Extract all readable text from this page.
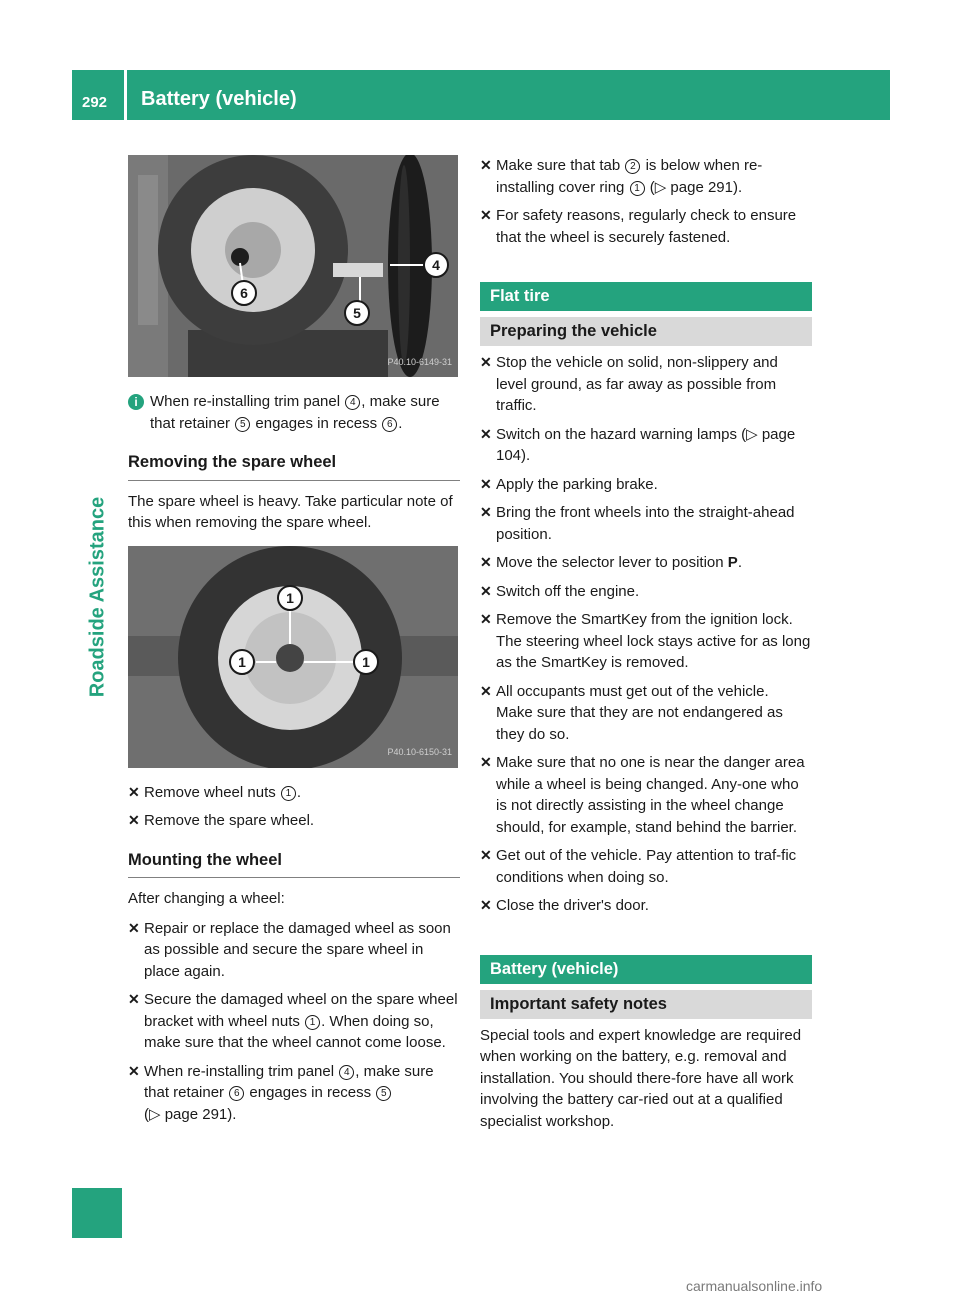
292 Battery (vehicle)
Roadside Assistance
4
5
6
P40.10-6149-31
i When re-installing trim panel 4 , make sure that retainer 5 engages in recess 6 .
Removing the spare wheel

The spare wheel is heavy. Take particular note of this when removing the spare wheel.

1
1	1
P40.10-6150-31
✕ Remove wheel nuts 1 .
✕ Remove the spare wheel.
Mounting the wheel

After changing a wheel:

✕ Repair or replace the damaged wheel as soon as possible and secure the spare wheel in place again.
✕ Secure the damaged wheel on the spare wheel bracket with wheel nuts 1 . When doing so, make sure that the wheel cannot come loose.
✕ When re-installing trim panel 4 , make sure that retainer 6 engages in recess 5
(▷ page 291).
✕ Make sure that tab 2 is below when re-installing cover ring 1 (▷ page 291).
✕ For safety reasons, regularly check to ensure that the wheel is securely fastened.
Flat tire
Preparing the vehicle
✕ Stop the vehicle on solid, non-slippery and level ground, as far away as possible from traffic.
✕ Switch on the hazard warning lamps (▷ page 104).
✕ Apply the parking brake.
✕ Bring the front wheels into the straight-ahead position.
✕ Move the selector lever to position P.
✕ Switch off the engine.
✕ Remove the SmartKey from the ignition lock.
The steering wheel lock stays active for as long as the SmartKey is removed.
✕ All occupants must get out of the vehicle.
Make sure that they are not endangered as they do so.
✕ Make sure that no one is near the danger area while a wheel is being changed. Any-one who is not directly assisting in the wheel change should, for example, stand behind the barrier.
✕ Get out of the vehicle. Pay attention to traf-fic conditions when doing so.
✕ Close the driver's door.
Battery (vehicle)
Important safety notes

Special tools and expert knowledge are required when working on the battery, e.g. removal and installation. You should there-fore have all work involving the battery car-ried out at a qualified specialist workshop.

carmanualsonline.info
